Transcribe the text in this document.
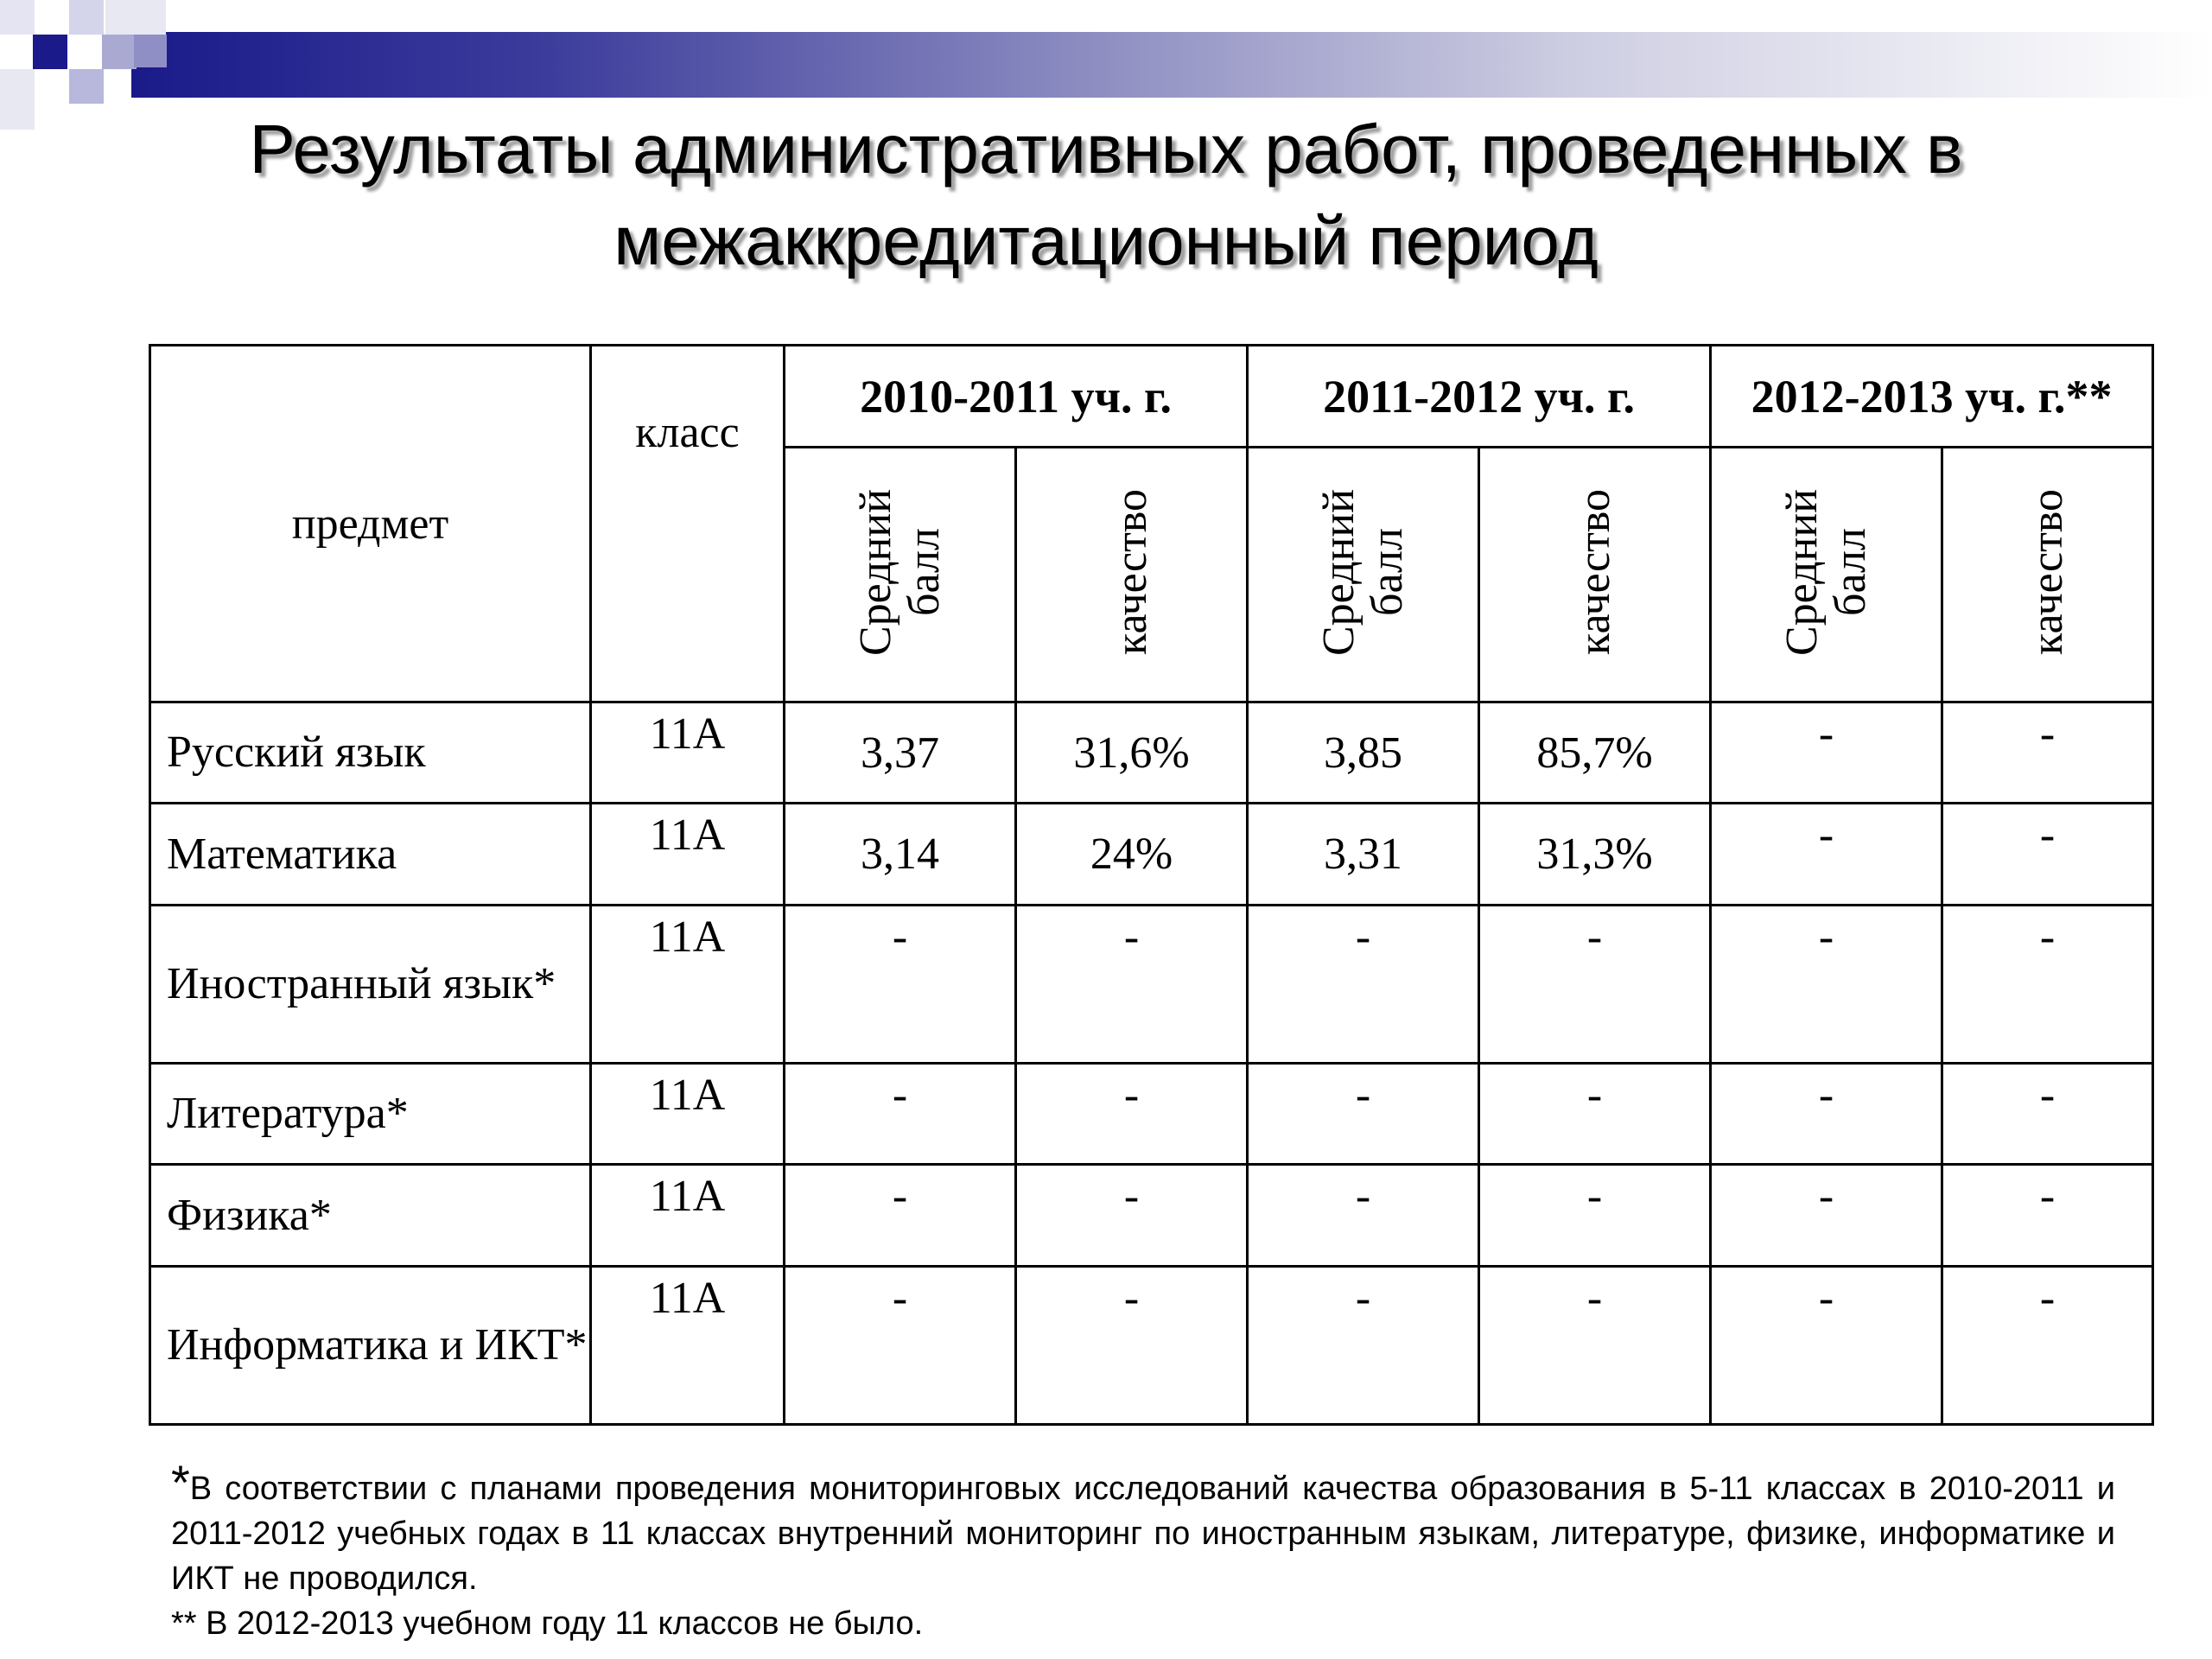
Результаты административных работ, проведенных в
межаккредитационный период
предмет	класс	2010-2011 уч. г.		2011-2012 уч. г.		2012-2013 уч. г.**	
		Средний балл	качество	Средний балл	качество	Средний балл	качество
Русский язык	11А	3,37	31,6%	3,85	85,7%	-	-
Математика	11А	3,14	24%	3,31	31,3%	-	-
Иностранный язык*	11А	-	-	-	-	-	-
Литература*	11А	-	-	-	-	-	-
Физика*	11А	-	-	-	-	-	-
Информатика и ИКТ*	11А	-	-	-	-	-	-

*В соответствии с планами проведения мониторинговых исследований качества образования в 5-11 классах в 2010-2011 и 2011-2012 учебных годах в 11 классах внутренний мониторинг по иностранным языкам, литературе, физике, информатике и ИКТ не проводился.

** В 2012-2013 учебном году 11 классов не было.
